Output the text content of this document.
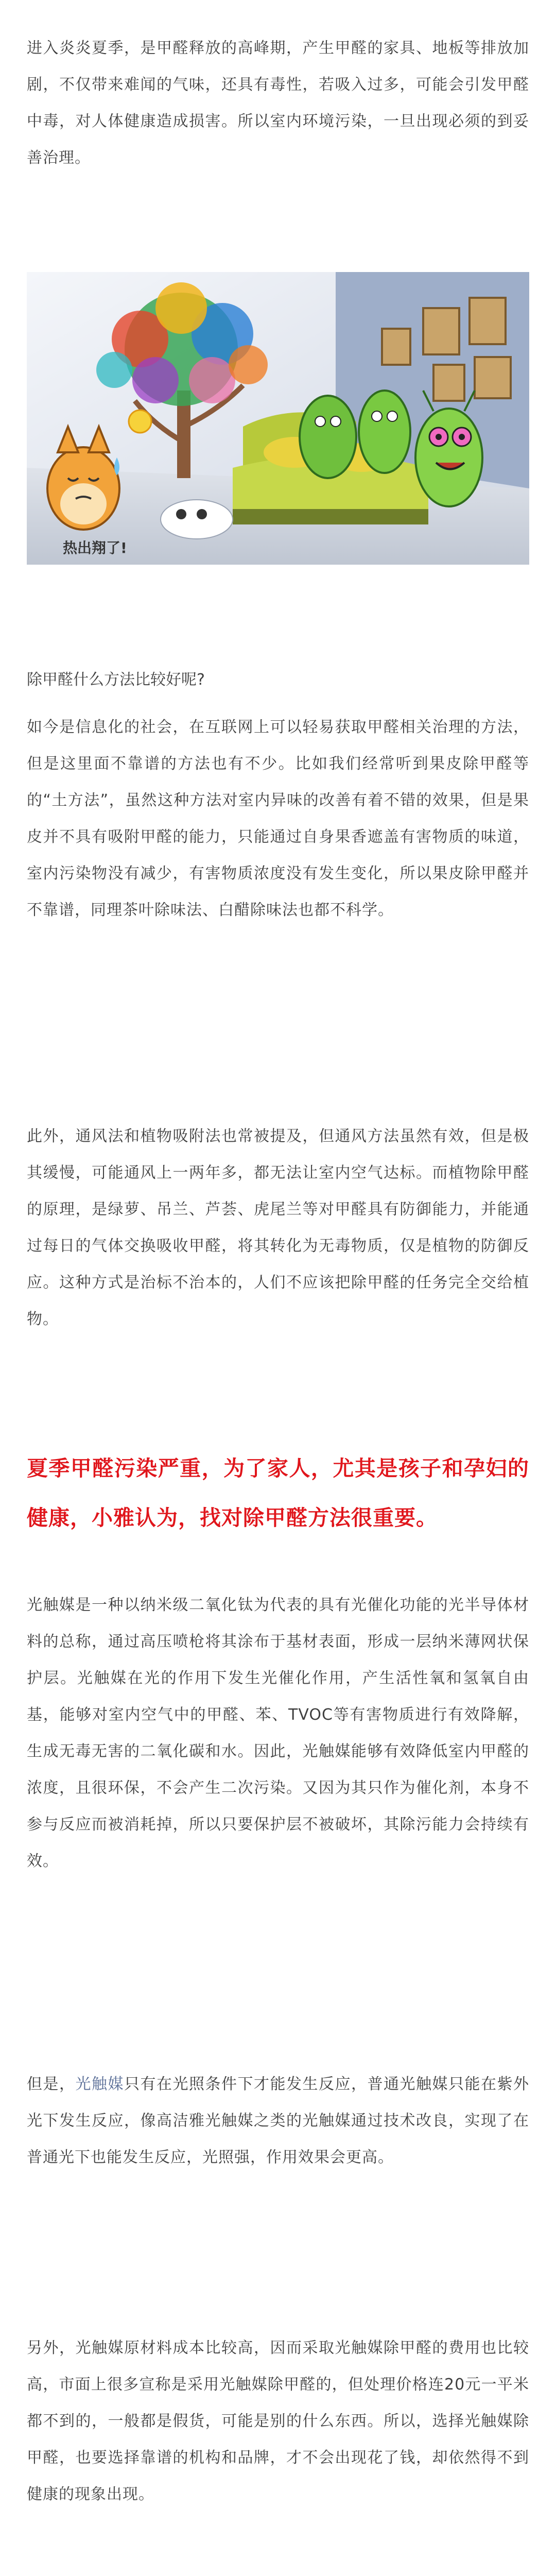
进入炎炎夏季，是甲醛释放的高峰期，产生甲醛的家具、地板等排放加剧，不仅带来难闻的气味，还具有毒性，若吸入过多，可能会引发甲醛中毒，对人体健康造成损害。所以室内环境污染，一旦出现必须的到妥善治理。

热出翔了!
除甲醛什么方法比较好呢?

如今是信息化的社会，在互联网上可以轻易获取甲醛相关治理的方法，但是这里面不靠谱的方法也有不少。比如我们经常听到果皮除甲醛等的“土方法”，虽然这种方法对室内异味的改善有着不错的效果，但是果皮并不具有吸附甲醛的能力，只能通过自身果香遮盖有害物质的味道，室内污染物没有减少，有害物质浓度没有发生变化，所以果皮除甲醛并不靠谱，同理茶叶除味法、白醋除味法也都不科学。

此外，通风法和植物吸附法也常被提及，但通风方法虽然有效，但是极其缓慢，可能通风上一两年多，都无法让室内空气达标。而植物除甲醛的原理，是绿萝、吊兰、芦荟、虎尾兰等对甲醛具有防御能力，并能通过每日的气体交换吸收甲醛，将其转化为无毒物质，仅是植物的防御反应。这种方式是治标不治本的，人们不应该把除甲醛的任务完全交给植物。

夏季甲醛污染严重，为了家人，尤其是孩子和孕妇的健康，小雅认为，找对除甲醛方法很重要。

光触媒是一种以纳米级二氧化钛为代表的具有光催化功能的光半导体材料的总称，通过高压喷枪将其涂布于基材表面，形成一层纳米薄网状保护层。光触媒在光的作用下发生光催化作用，产生活性氧和氢氧自由基，能够对室内空气中的甲醛、苯、TVOC等有害物质进行有效降解，生成无毒无害的二氧化碳和水。因此，光触媒能够有效降低室内甲醛的浓度，且很环保，不会产生二次污染。又因为其只作为催化剂，本身不参与反应而被消耗掉，所以只要保护层不被破坏，其除污能力会持续有效。

但是，光触媒只有在光照条件下才能发生反应，普通光触媒只能在紫外光下发生反应，像高洁雅光触媒之类的光触媒通过技术改良，实现了在普通光下也能发生反应，光照强，作用效果会更高。

另外，光触媒原材料成本比较高，因而采取光触媒除甲醛的费用也比较高，市面上很多宣称是采用光触媒除甲醛的，但处理价格连20元一平米都不到的，一般都是假货，可能是别的什么东西。所以，选择光触媒除甲醛，也要选择靠谱的机构和品牌，才不会出现花了钱，却依然得不到健康的现象出现。
